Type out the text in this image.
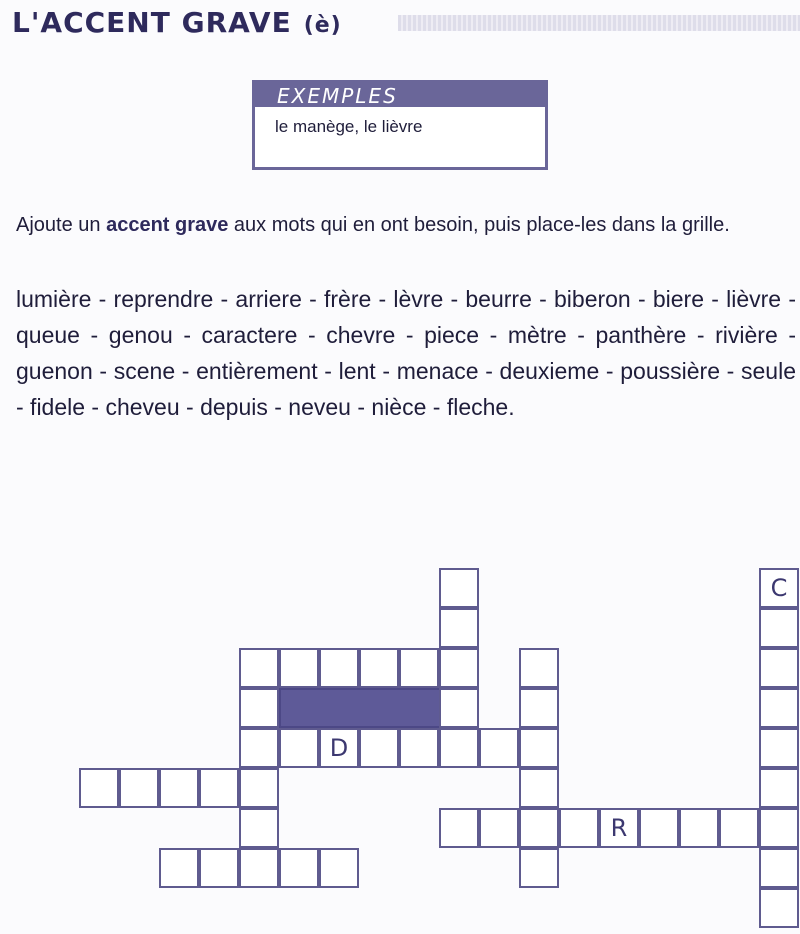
L'ACCENT GRAVE (è)
EXEMPLES
le manège, le lièvre
Ajoute un accent grave aux mots qui en ont besoin, puis place-les dans la grille.
lumière - reprendre - arriere - frère - lèvre - beurre - biberon - biere - lièvre - queue - genou - caractere - chevre - piece - mètre - panthère - rivière - guenon - scene - entièrement - lent - menace - deuxieme - poussière - seule - fidele - cheveu - depuis - neveu - nièce - fleche.
C
D
R
